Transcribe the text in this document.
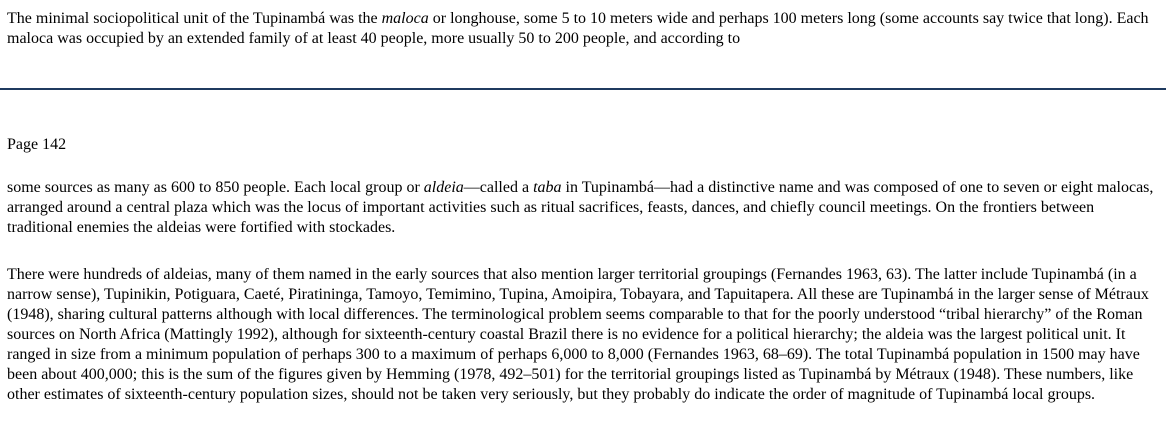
The minimal sociopolitical unit of the Tupinambá was the maloca or longhouse, some 5 to 10 meters wide and perhaps 100 meters long (some accounts say twice that long). Each maloca was occupied by an extended family of at least 40 people, more usually 50 to 200 people, and according to

Page 142

some sources as many as 600 to 850 people. Each local group or aldeia—called a taba in Tupinambá—had a distinctive name and was composed of one to seven or eight malocas, arranged around a central plaza which was the locus of important activities such as ritual sacrifices, feasts, dances, and chiefly council meetings. On the frontiers between traditional enemies the aldeias were fortified with stockades.

There were hundreds of aldeias, many of them named in the early sources that also mention larger territorial groupings (Fernandes 1963, 63). The latter include Tupinambá (in a narrow sense), Tupinikin, Potiguara, Caeté, Piratininga, Tamoyo, Temimino, Tupina, Amoipira, Tobayara, and Tapuitapera. All these are Tupinambá in the larger sense of Métraux (1948), sharing cultural patterns although with local differences. The terminological problem seems comparable to that for the poorly understood “tribal hierarchy” of the Roman sources on North Africa (Mattingly 1992), although for sixteenth-century coastal Brazil there is no evidence for a political hierarchy; the aldeia was the largest political unit. It ranged in size from a minimum population of perhaps 300 to a maximum of perhaps 6,000 to 8,000 (Fernandes 1963, 68–69). The total Tupinambá population in 1500 may have been about 400,000; this is the sum of the figures given by Hemming (1978, 492–501) for the territorial groupings listed as Tupinambá by Métraux (1948). These numbers, like other estimates of sixteenth-century population sizes, should not be taken very seriously, but they probably do indicate the order of magnitude of Tupinambá local groups.
